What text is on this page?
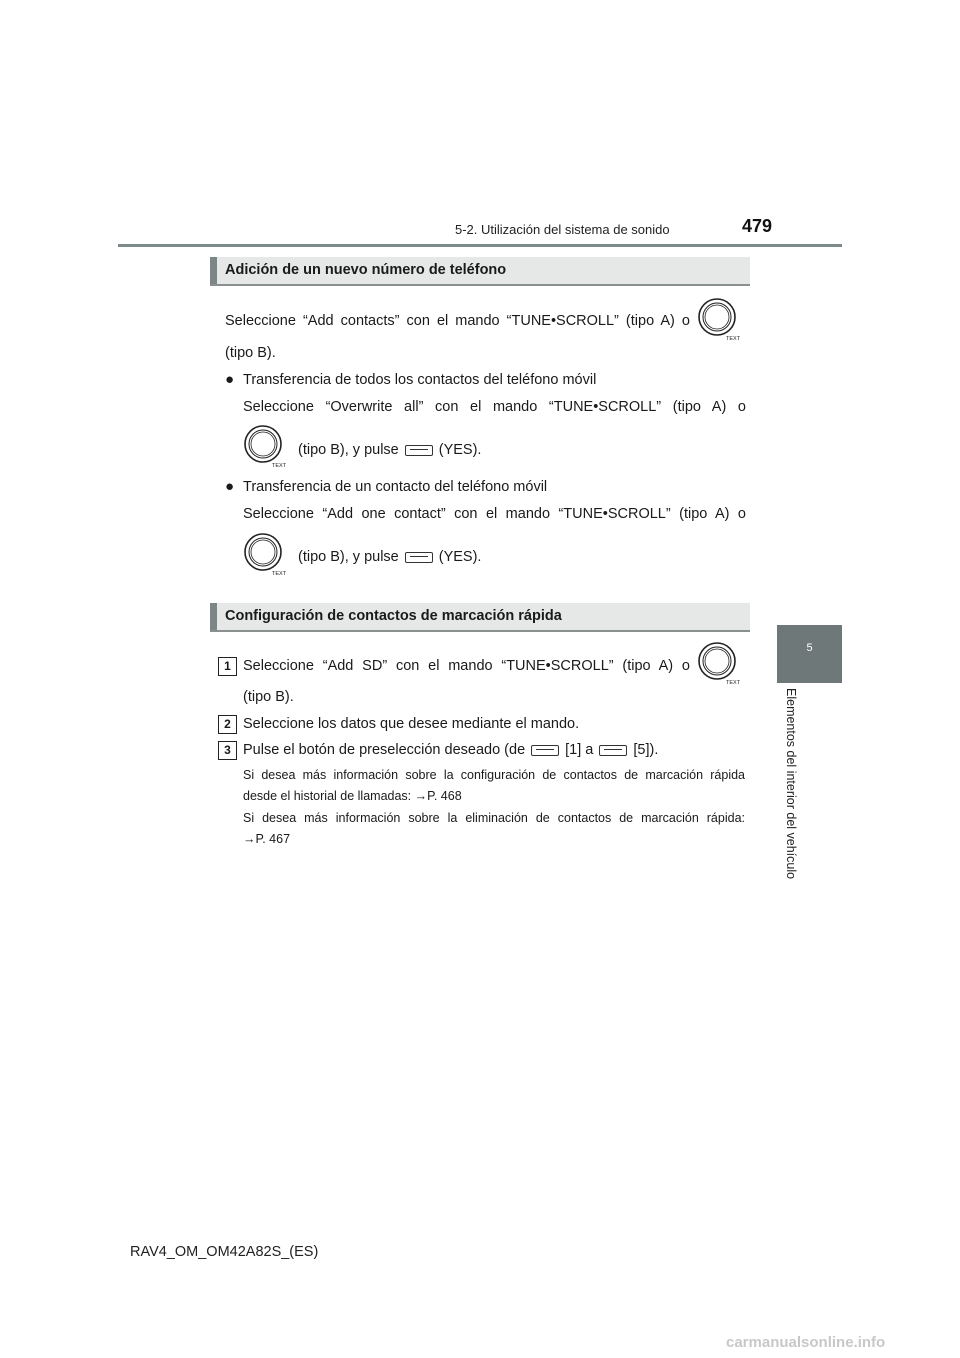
5-2. Utilización del sistema de sonido	479
5
Elementos del interior del vehículo
Adición de un nuevo número de teléfono
Seleccione “Add contacts” con el mando “TUNE•SCROLL” (tipo A) o
TEXT
(tipo B).
● Transferencia de todos los contactos del teléfono móvil
Seleccione “Overwrite all” con el mando “TUNE•SCROLL” (tipo A) o
TEXT
(tipo B), y pulse	(YES).
● Transferencia de un contacto del teléfono móvil
Seleccione “Add one contact” con el mando “TUNE•SCROLL” (tipo A) o
TEXT
(tipo B), y pulse	(YES).
Configuración de contactos de marcación rápida
1 Seleccione “Add SD” con el mando “TUNE•SCROLL” (tipo A) o
TEXT
(tipo B).
2 Seleccione los datos que desee mediante el mando.
3 Pulse el botón de preselección deseado (de	[1] a	[5]).
Si desea más información sobre la configuración de contactos de marcación rápida
desde el historial de llamadas: →P. 468
Si desea más información sobre la eliminación de contactos de marcación rápida:
→P. 467
RAV4_OM_OM42A82S_(ES)
carmanualsonline.info
